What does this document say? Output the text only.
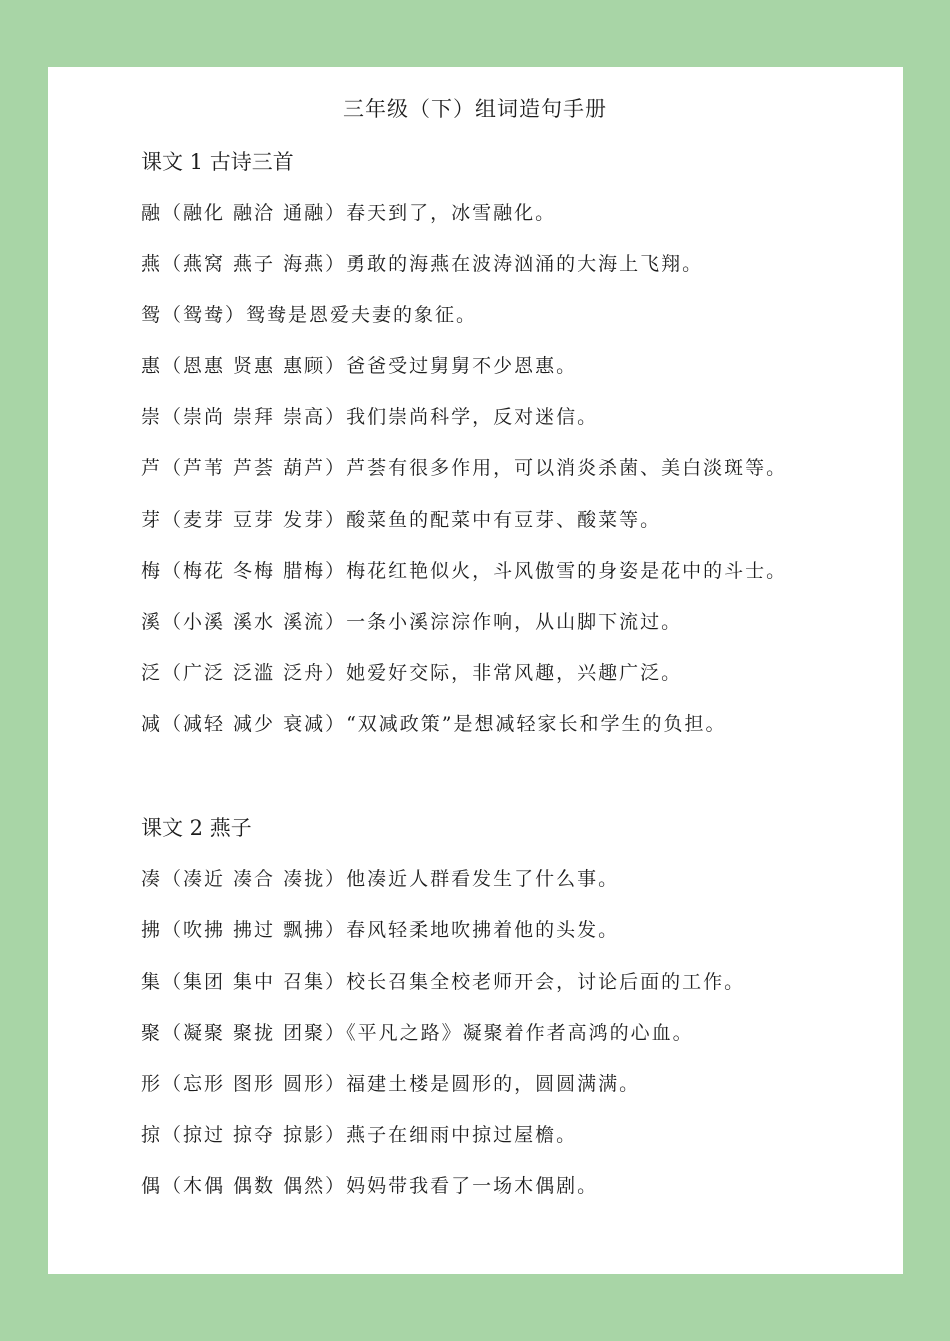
三年级（下）组词造句手册
课文 1 古诗三首
融（融化 融洽 通融）春天到了，冰雪融化。
燕（燕窝 燕子 海燕）勇敢的海燕在波涛汹涌的大海上飞翔。
鸳（鸳鸯）鸳鸯是恩爱夫妻的象征。
惠（恩惠 贤惠 惠顾）爸爸受过舅舅不少恩惠。
崇（崇尚 崇拜 崇高）我们崇尚科学，反对迷信。
芦（芦苇 芦荟 葫芦）芦荟有很多作用，可以消炎杀菌、美白淡斑等。
芽（麦芽 豆芽 发芽）酸菜鱼的配菜中有豆芽、酸菜等。
梅（梅花 冬梅 腊梅）梅花红艳似火，斗风傲雪的身姿是花中的斗士。
溪（小溪 溪水 溪流）一条小溪淙淙作响，从山脚下流过。
泛（广泛 泛滥 泛舟）她爱好交际，非常风趣，兴趣广泛。
减（减轻 减少 衰减）“双减政策”是想减轻家长和学生的负担。
课文 2 燕子
凑（凑近 凑合 凑拢）他凑近人群看发生了什么事。
拂（吹拂 拂过 飘拂）春风轻柔地吹拂着他的头发。
集（集团 集中 召集）校长召集全校老师开会，讨论后面的工作。
聚（凝聚 聚拢 团聚）《平凡之路》凝聚着作者高鸿的心血。
形（忘形 图形 圆形）福建土楼是圆形的，圆圆满满。
掠（掠过 掠夺 掠影）燕子在细雨中掠过屋檐。
偶（木偶 偶数 偶然）妈妈带我看了一场木偶剧。
